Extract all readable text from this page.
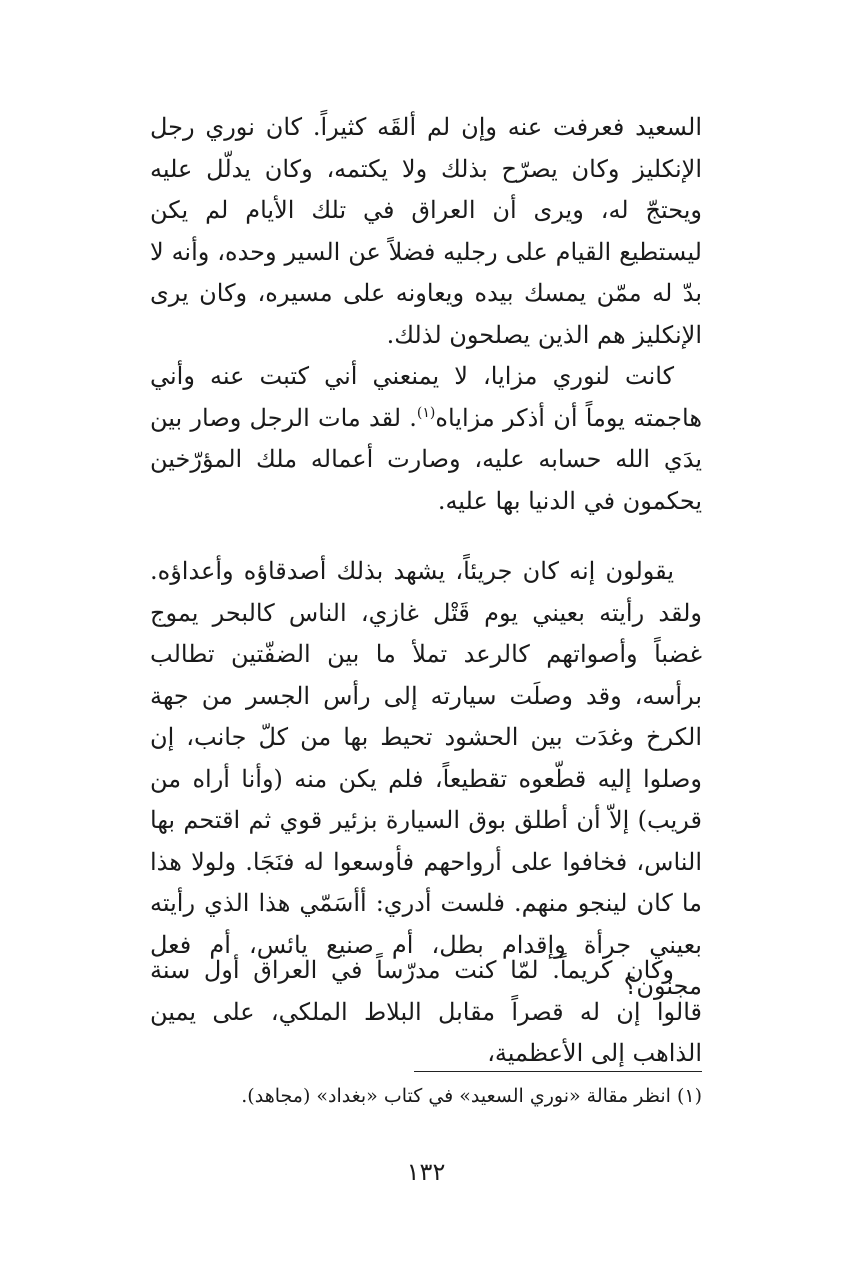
السعيد فعرفت عنه وإن لم ألقَه كثيراً. كان نوري رجل الإنكليز وكان يصرّح بذلك ولا يكتمه، وكان يدلّل عليه ويحتجّ له، ويرى أن العراق في تلك الأيام لم يكن ليستطيع القيام على رجليه فضلاً عن السير وحده، وأنه لا بدّ له ممّن يمسك بيده ويعاونه على مسيره، وكان يرى الإنكليز هم الذين يصلحون لذلك.

كانت لنوري مزايا، لا يمنعني أني كتبت عنه وأني هاجمته يوماً أن أذكر مزاياه$^{(١)}$. لقد مات الرجل وصار بين يدَي الله حسابه عليه، وصارت أعماله ملك المؤرّخين يحكمون في الدنيا بها عليه.

يقولون إنه كان جريئاً، يشهد بذلك أصدقاؤه وأعداؤه. ولقد رأيته بعيني يوم قَتْل غازي، الناس كالبحر يموج غضباً وأصواتهم كالرعد تملأ ما بين الضفّتين تطالب برأسه، وقد وصلَت سيارته إلى رأس الجسر من جهة الكرخ وغدَت بين الحشود تحيط بها من كلّ جانب، إن وصلوا إليه قطّعوه تقطيعاً، فلم يكن منه (وأنا أراه من قريب) إلاّ أن أطلق بوق السيارة بزئير قوي ثم اقتحم بها الناس، فخافوا على أرواحهم فأوسعوا له فنَجَا. ولولا هذا ما كان لينجو منهم. فلست أدري: أأسَمّي هذا الذي رأيته بعيني جرأة وإقدام بطل، أم صنيع يائس، أم فعل مجنون؟

وكان كريماً. لمّا كنت مدرّساً في العراق أول سنة قالوا إن له قصراً مقابل البلاط الملكي، على يمين الذاهب إلى الأعظمية،

(١) انظر مقالة «نوري السعيد» في كتاب «بغداد» (مجاهد).

١٣٢
